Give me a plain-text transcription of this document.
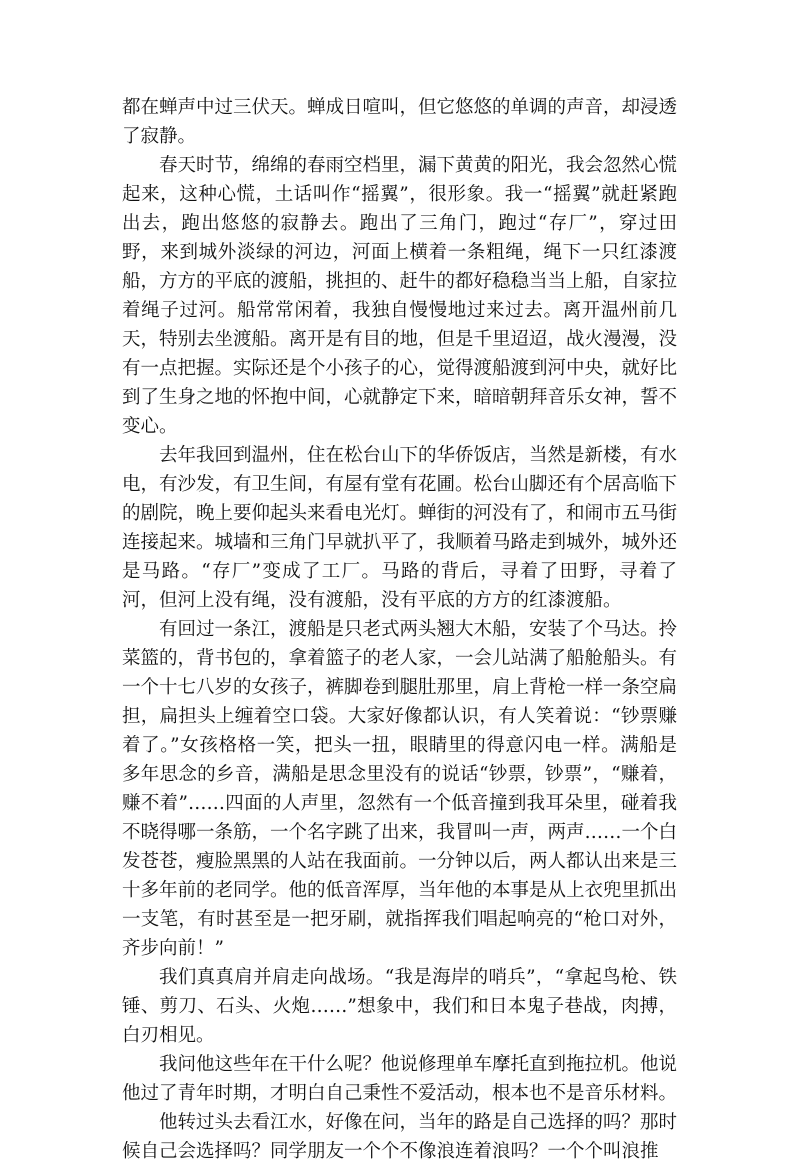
都在蝉声中过三伏天。蝉成日喧叫，但它悠悠的单调的声音，却浸透了寂静。

春天时节，绵绵的春雨空档里，漏下黄黄的阳光，我会忽然心慌起来，这种心慌，土话叫作“摇翼”，很形象。我一“摇翼”就赶紧跑出去，跑出悠悠的寂静去。跑出了三角门，跑过“存厂”，穿过田野，来到城外淡绿的河边，河面上横着一条粗绳，绳下一只红漆渡船，方方的平底的渡船，挑担的、赶牛的都好稳稳当当上船，自家拉着绳子过河。船常常闲着，我独自慢慢地过来过去。离开温州前几天，特别去坐渡船。离开是有目的地，但是千里迢迢，战火漫漫，没有一点把握。实际还是个小孩子的心，觉得渡船渡到河中央，就好比到了生身之地的怀抱中间，心就静定下来，暗暗朝拜音乐女神，誓不变心。

去年我回到温州，住在松台山下的华侨饭店，当然是新楼，有水电，有沙发，有卫生间，有屋有堂有花圃。松台山脚还有个居高临下的剧院，晚上要仰起头来看电光灯。蝉街的河没有了，和闹市五马街连接起来。城墙和三角门早就扒平了，我顺着马路走到城外，城外还是马路。“存厂”变成了工厂。马路的背后，寻着了田野，寻着了河，但河上没有绳，没有渡船，没有平底的方方的红漆渡船。

有回过一条江，渡船是只老式两头翘大木船，安装了个马达。拎菜篮的，背书包的，拿着篮子的老人家，一会儿站满了船舱船头。有一个十七八岁的女孩子，裤脚卷到腿肚那里，肩上背枪一样一条空扁担，扁担头上缠着空口袋。大家好像都认识，有人笑着说：“钞票赚着了。”女孩格格一笑，把头一扭，眼睛里的得意闪电一样。满船是多年思念的乡音，满船是思念里没有的说话“钞票，钞票”，“赚着，赚不着”……四面的人声里，忽然有一个低音撞到我耳朵里，碰着我不晓得哪一条筋，一个名字跳了出来，我冒叫一声，两声……一个白发苍苍，瘦脸黑黑的人站在我面前。一分钟以后，两人都认出来是三十多年前的老同学。他的低音浑厚，当年他的本事是从上衣兜里抓出一支笔，有时甚至是一把牙刷，就指挥我们唱起响亮的“枪口对外，齐步向前！”

我们真真肩并肩走向战场。“我是海岸的哨兵”，“拿起鸟枪、铁锤、剪刀、石头、火炮……”想象中，我们和日本鬼子巷战，肉搏，白刃相见。

我问他这些年在干什么呢？他说修理单车摩托直到拖拉机。他说他过了青年时期，才明白自己秉性不爱活动，根本也不是音乐材料。

他转过头去看江水，好像在问，当年的路是自己选择的吗？那时候自己会选择吗？同学朋友一个个不像浪连着浪吗？一个个叫浪推
